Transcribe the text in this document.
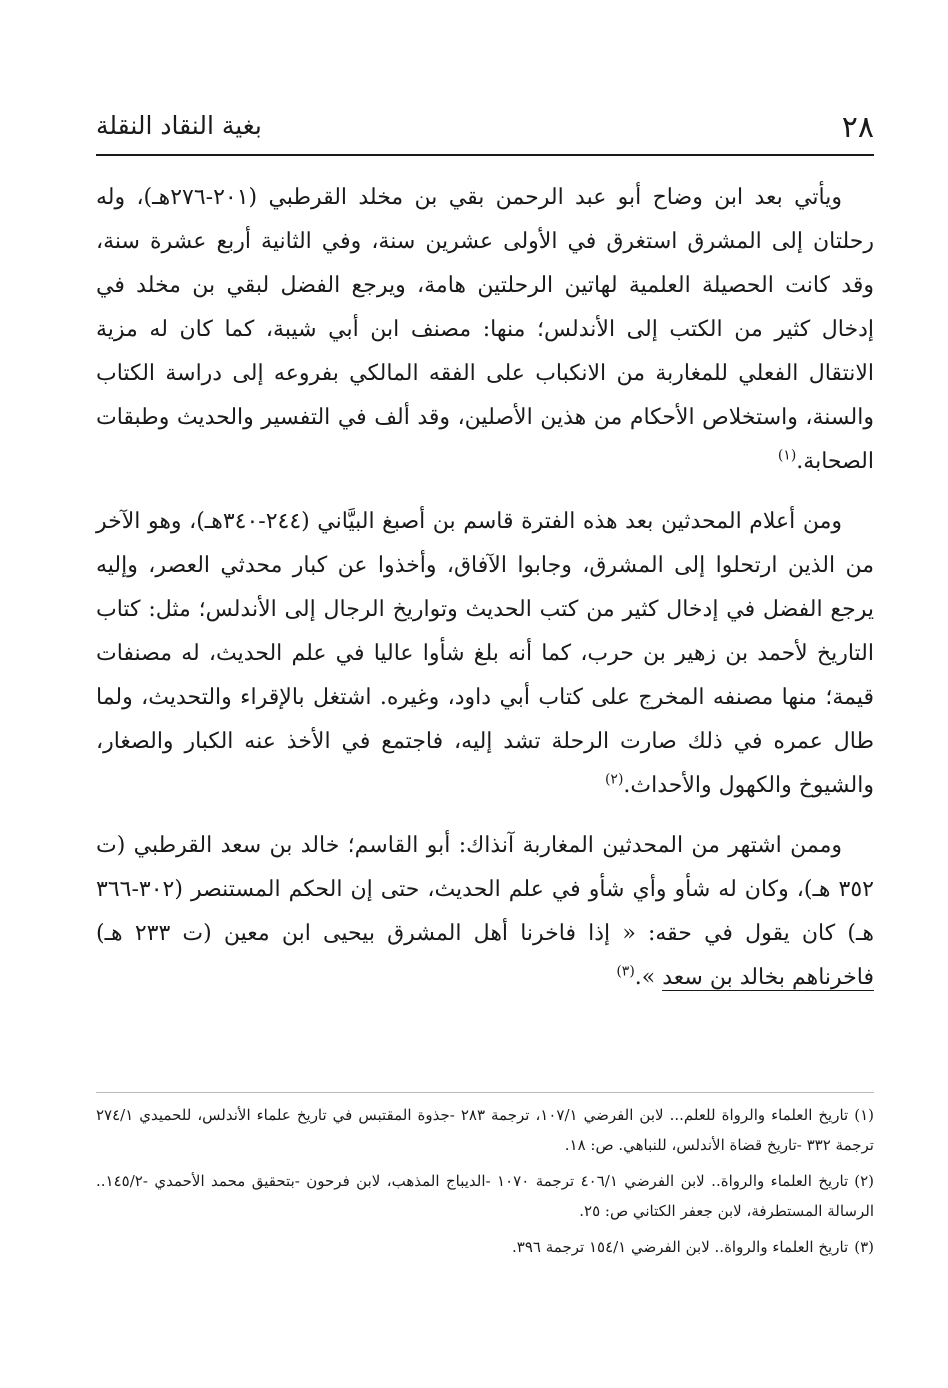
٢٨
بغية النقاد النقلة

ويأتي بعد ابن وضاح أبو عبد الرحمن بقي بن مخلد القرطبي (٢٠١-٢٧٦هـ)، وله رحلتان إلى المشرق استغرق في الأولى عشرين سنة، وفي الثانية أربع عشرة سنة، وقد كانت الحصيلة العلمية لهاتين الرحلتين هامة، ويرجع الفضل لبقي بن مخلد في إدخال كثير من الكتب إلى الأندلس؛ منها: مصنف ابن أبي شيبة، كما كان له مزية الانتقال الفعلي للمغاربة من الانكباب على الفقه المالكي بفروعه إلى دراسة الكتاب والسنة، واستخلاص الأحكام من هذين الأصلين، وقد ألف في التفسير والحديث وطبقات الصحابة.$^{(١)}$

ومن أعلام المحدثين بعد هذه الفترة قاسم بن أصبغ البيَّاني (٢٤٤-٣٤٠هـ)، وهو الآخر من الذين ارتحلوا إلى المشرق، وجابوا الآفاق، وأخذوا عن كبار محدثي العصر، وإليه يرجع الفضل في إدخال كثير من كتب الحديث وتواريخ الرجال إلى الأندلس؛ مثل: كتاب التاريخ لأحمد بن زهير بن حرب، كما أنه بلغ شأوا عاليا في علم الحديث، له مصنفات قيمة؛ منها مصنفه المخرج على كتاب أبي داود، وغيره. اشتغل بالإقراء والتحديث، ولما طال عمره في ذلك صارت الرحلة تشد إليه، فاجتمع في الأخذ عنه الكبار والصغار، والشيوخ والكهول والأحداث.$^{(٢)}$

وممن اشتهر من المحدثين المغاربة آنذاك: أبو القاسم؛ خالد بن سعد القرطبي (ت ٣٥٢ هـ)، وكان له شأو وأي شأو في علم الحديث، حتى إن الحكم المستنصر (٣٠٢-٣٦٦ هـ) كان يقول في حقه: « إذا فاخرنا أهل المشرق بيحيى ابن معين (ت ٢٣٣ هـ) فاخرناهم بخالد بن سعد ».$^{(٣)}$

(١)تاريخ العلماء والرواة للعلم... لابن الفرضي ١٠٧/١، ترجمة ٢٨٣ -جذوة المقتبس في تاريخ علماء الأندلس، للحميدي ٢٧٤/١ ترجمة ٣٣٢ -تاريخ قضاة الأندلس، للنباهي. ص: ١٨.
(٢)تاريخ العلماء والرواة.. لابن الفرضي ٤٠٦/١ ترجمة ١٠٧٠ -الديباج المذهب، لابن فرحون -بتحقيق محمد الأحمدي -١٤٥/٢.. الرسالة المستطرفة، لابن جعفر الكتاني ص: ٢٥.
(٣)تاريخ العلماء والرواة.. لابن الفرضي ١٥٤/١ ترجمة ٣٩٦.
